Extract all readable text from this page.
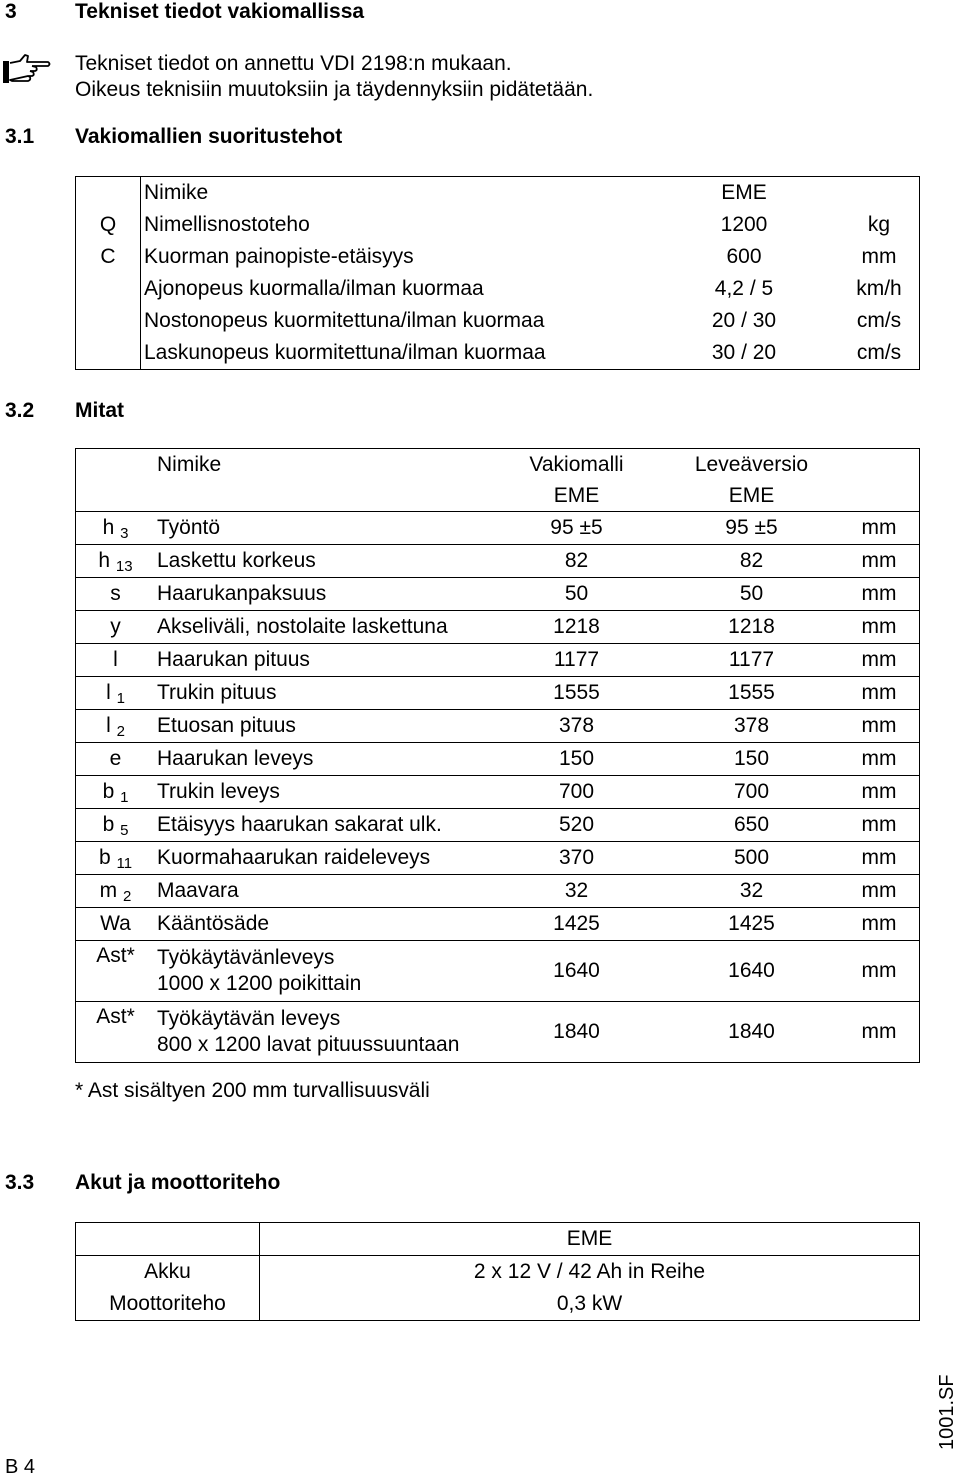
3	Tekniset tiedot vakiomallissa
Tekniset tiedot on annettu VDI 2198:n mukaan.
Oikeus teknisiin muutoksiin ja täydennyksiin pidätetään.
3.1 Vakiomallien suoritustehot
	Nimike	EME	
Q	Nimellisnostoteho	1200	kg
C	Kuorman painopiste-etäisyys	600	mm
	Ajonopeus kuormalla/ilman kuormaa	4,2 / 5	km/h
	Nostonopeus kuormitettuna/ilman kuormaa	20 / 30	cm/s
	Laskunopeus kuormitettuna/ilman kuormaa	30 / 20	cm/s
3.2 Mitat
	Nimike	Vakiomalli	Leveäversio	
		EME	EME	
h $_3$	Työntö	95 ±5	95 ±5	mm
h $_{13}$	Laskettu korkeus	82	82	mm
s	Haarukanpaksuus	50	50	mm
y	Akseliväli, nostolaite laskettuna	1218	1218	mm
l	Haarukan pituus	1177	1177	mm
l $_1$	Trukin pituus	1555	1555	mm
l $_2$	Etuosan pituus	378	378	mm
e	Haarukan leveys	150	150	mm
b $_1$	Trukin leveys	700	700	mm
b $_5$	Etäisyys haarukan sakarat ulk.	520	650	mm
b $_{11}$	Kuormahaarukan raideleveys	370	500	mm
m $_2$	Maavara	32	32	mm
Wa	Kääntösäde	1425	1425	mm
Ast*	Työkäytävänleveys
1000 x 1200 poikittain	1640	1640	mm
Ast*	Työkäytävän leveys
800 x 1200 lavat pituussuuntaan	1840	1840	mm
* Ast sisältyen 200 mm turvallisuusväli
3.3 Akut ja moottoriteho
	EME
Akku	2 x 12 V / 42 Ah in Reihe
Moottoriteho	0,3 kW
B 4
1001.SF
